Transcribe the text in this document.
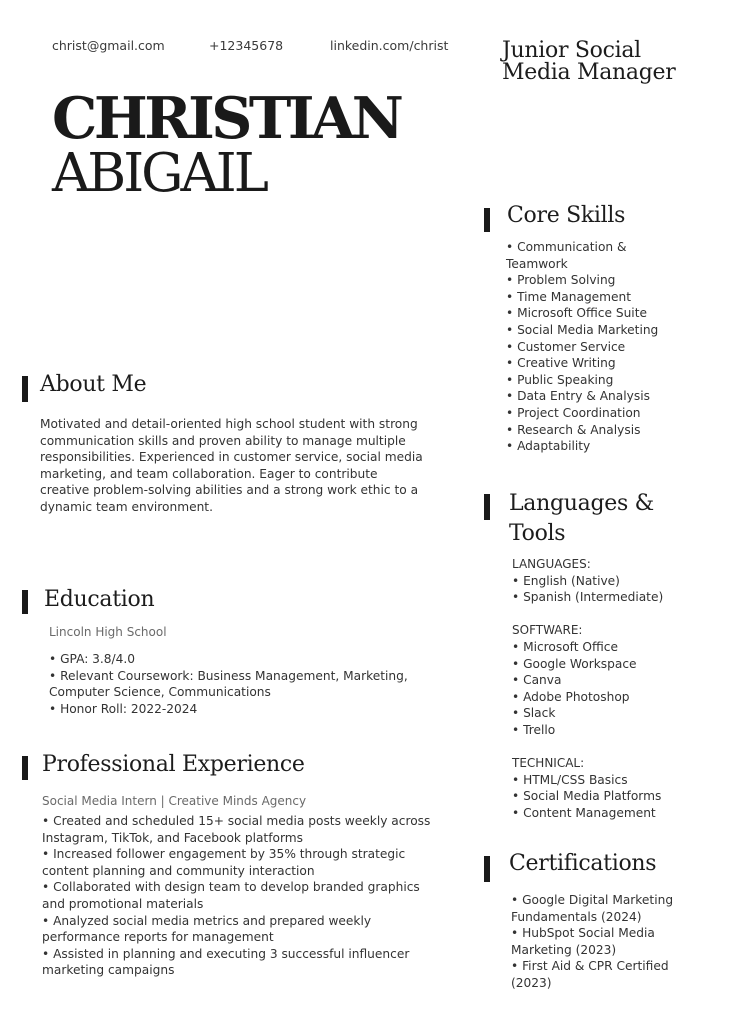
christ@gmail.com	+12345678	linkedin.com/christ Junior Social
Media Manager
CHRISTIAN
ABIGAIL
Core Skills
• Communication & Teamwork
• Problem Solving
• Time Management
• Microsoft Office Suite
• Social Media Marketing
• Customer Service
• Creative Writing
• Public Speaking
• Data Entry & Analysis
• Project Coordination
• Research & Analysis
• Adaptability
About Me
Motivated and detail-oriented high school student with strong communication skills and proven ability to manage multiple responsibilities. Experienced in customer service, social media marketing, and team collaboration. Eager to contribute creative problem-solving abilities and a strong work ethic to a dynamic team environment.	Languages &
Tools
LANGUAGES:
• English (Native)
• Spanish (Intermediate)
SOFTWARE:
• Microsoft Office
• Google Workspace
• Canva
• Adobe Photoshop
• Slack
• Trello
TECHNICAL:
• HTML/CSS Basics
• Social Media Platforms
• Content Management
Education
Lincoln High School
• GPA: 3.8/4.0
• Relevant Coursework: Business Management, Marketing, Computer Science, Communications
• Honor Roll: 2022-2024
Professional Experience
Social Media Intern | Creative Minds Agency
• Created and scheduled 15+ social media posts weekly across Instagram, TikTok, and Facebook platforms
• Increased follower engagement by 35% through strategic content planning and community interaction
• Collaborated with design team to develop branded graphics and promotional materials
• Analyzed social media metrics and prepared weekly performance reports for management
• Assisted in planning and executing 3 successful influencer marketing campaigns
Certifications
• Google Digital Marketing Fundamentals (2024)
• HubSpot Social Media Marketing (2023)
• First Aid & CPR Certified (2023)
